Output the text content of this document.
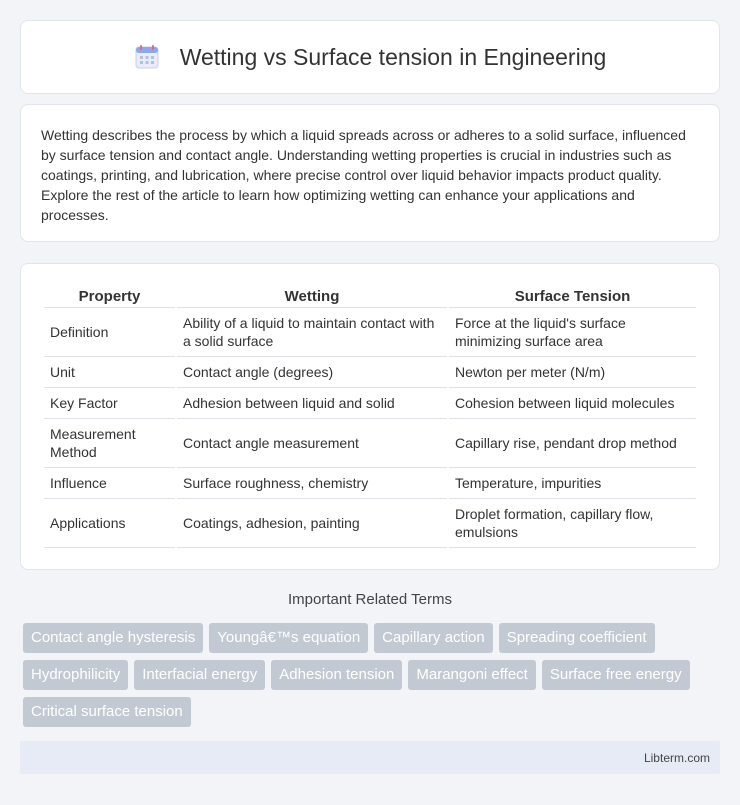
Wetting vs Surface tension in Engineering

Wetting describes the process by which a liquid spreads across or adheres to a solid surface, influenced by surface tension and contact angle. Understanding wetting properties is crucial in industries such as coatings, printing, and lubrication, where precise control over liquid behavior impacts product quality. Explore the rest of the article to learn how optimizing wetting can enhance your applications and processes.

Property	Wetting	Surface Tension
Definition	Ability of a liquid to maintain contact with a solid surface	Force at the liquid's surface minimizing surface area
Unit	Contact angle (degrees)	Newton per meter (N/m)
Key Factor	Adhesion between liquid and solid	Cohesion between liquid molecules
Measurement Method	Contact angle measurement	Capillary rise, pendant drop method
Influence	Surface roughness, chemistry	Temperature, impurities
Applications	Coatings, adhesion, painting	Droplet formation, capillary flow, emulsions
Important Related Terms
Contact angle hysteresis	Youngâ€™s equation	Capillary action	Spreading coefficient
Hydrophilicity	Interfacial energy	Adhesion tension	Marangoni effect	Surface free energy
Critical surface tension
Libterm.com
